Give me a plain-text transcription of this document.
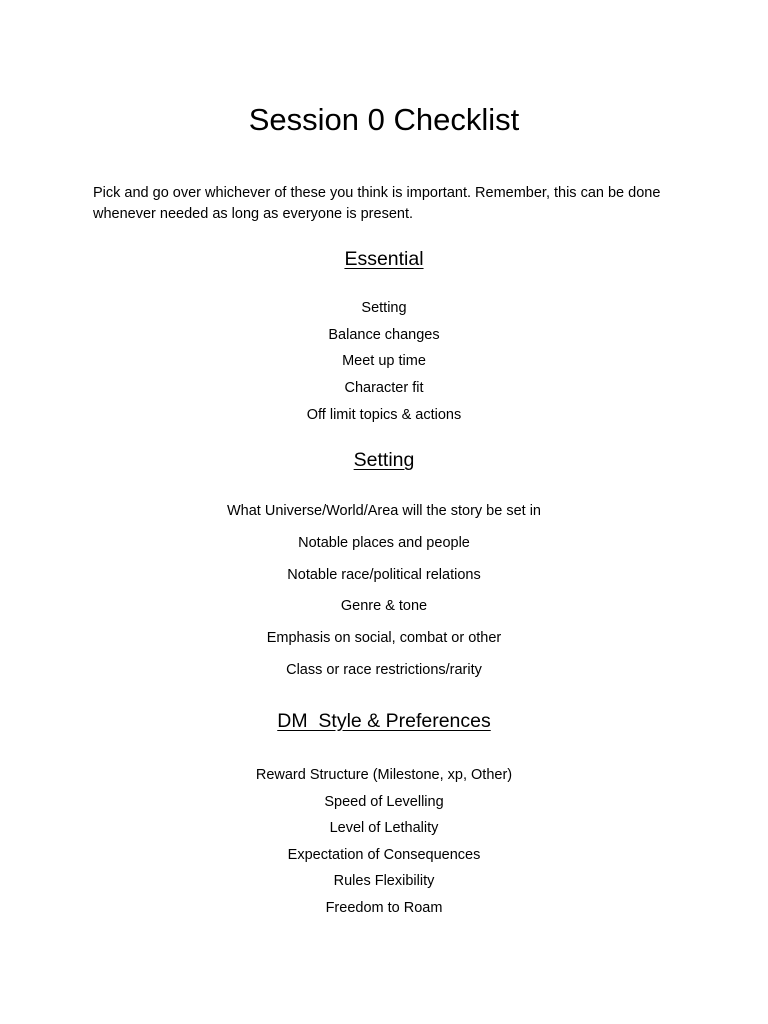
Session 0 Checklist

Pick and go over whichever of these you think is important. Remember, this can be done whenever needed as long as everyone is present.

Essential
Setting
Balance changes
Meet up time
Character fit
Off limit topics & actions
Setting
What Universe/World/Area will the story be set in
Notable places and people
Notable race/political relations
Genre & tone
Emphasis on social, combat or other
Class or race restrictions/rarity
DM  Style & Preferences
Reward Structure (Milestone, xp, Other)
Speed of Levelling
Level of Lethality
Expectation of Consequences
Rules Flexibility
Freedom to Roam
